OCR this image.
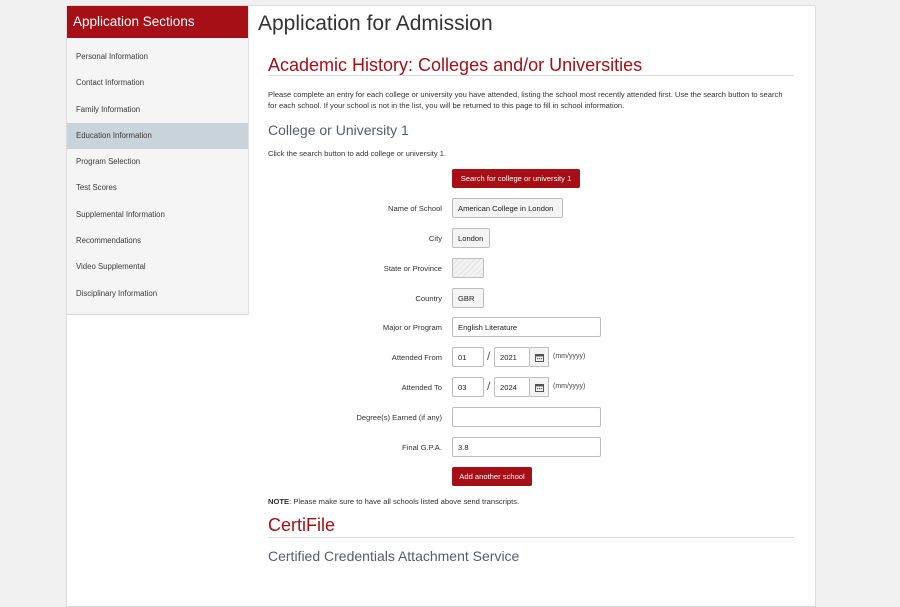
Application Sections
Personal Information
Contact Information
Family Information
Education Information
Program Selection
Test Scores
Supplemental Information
Recommendations
Video Supplemental
Disciplinary Information
Application for Admission
Academic History: Colleges and/or Universities
Please complete an entry for each college or university you have attended, listing the school most recently attended first. Use the search button to search for each school. If your school is not in the list, you will be returned to this page to fill in school information.
College or University 1
Click the search button to add college or university 1.
Search for college or university 1
Name of School	American College in London
City	London
State or Province
Country	GBR
Major or Program	English Literature
Attended From	01	/	2021	(mm/yyyy)
Attended To	03	/	2024	(mm/yyyy)
Degree(s) Earned (if any)
Final G.P.A.	3.8
Add another school
NOTE: Please make sure to have all schools listed above send transcripts.
CertiFile
Certified Credentials Attachment Service
